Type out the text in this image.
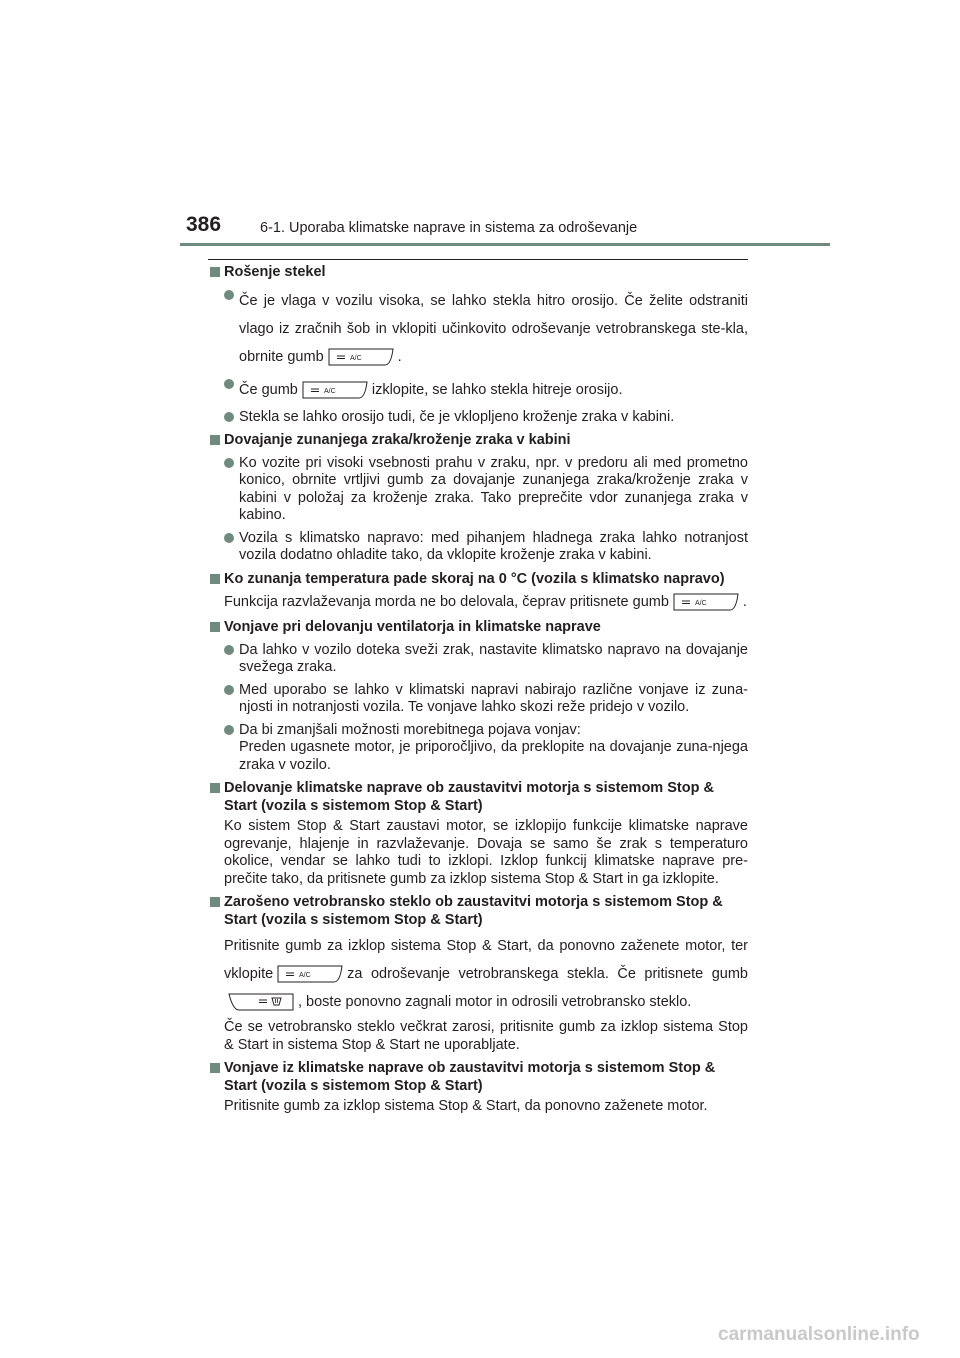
386	6-1. Uporaba klimatske naprave in sistema za odroševanje
Rošenje stekel
Če je vlaga v vozilu visoka, se lahko stekla hitro orosijo. Če želite odstraniti vlago iz zračnih šob in vklopiti učinkovito odroševanje vetrobranskega ste-kla, obrnite gumb	A/C	.
Če gumb	A/C	izklopite, se lahko stekla hitreje orosijo.
Stekla se lahko orosijo tudi, če je vklopljeno kroženje zraka v kabini.
Dovajanje zunanjega zraka/kroženje zraka v kabini
Ko vozite pri visoki vsebnosti prahu v zraku, npr. v predoru ali med prometno konico, obrnite vrtljivi gumb za dovajanje zunanjega zraka/kroženje zraka v kabini v položaj za kroženje zraka. Tako preprečite vdor zunanjega zraka v kabino.
Vozila s klimatsko napravo: med pihanjem hladnega zraka lahko notranjost vozila dodatno ohladite tako, da vklopite kroženje zraka v kabini.
Ko zunanja temperatura pade skoraj na 0 °C (vozila s klimatsko napravo)
Funkcija razvlaževanja morda ne bo delovala, čeprav pritisnete gumb	A/C	.
Vonjave pri delovanju ventilatorja in klimatske naprave
Da lahko v vozilo doteka sveži zrak, nastavite klimatsko napravo na dovajanje svežega zraka.
Med uporabo se lahko v klimatski napravi nabirajo različne vonjave iz zuna-njosti in notranjosti vozila. Te vonjave lahko skozi reže pridejo v vozilo.
Da bi zmanjšali možnosti morebitnega pojava vonjav:
Preden ugasnete motor, je priporočljivo, da preklopite na dovajanje zuna-njega zraka v vozilo.
Delovanje klimatske naprave ob zaustavitvi motorja s sistemom Stop & Start (vozila s sistemom Stop & Start)
Ko sistem Stop & Start zaustavi motor, se izklopijo funkcije klimatske naprave ogrevanje, hlajenje in razvlaževanje. Dovaja se samo še zrak s temperaturo okolice, vendar se lahko tudi to izklopi. Izklop funkcij klimatske naprave pre-prečite tako, da pritisnete gumb za izklop sistema Stop & Start in ga izklopite.
Zarošeno vetrobransko steklo ob zaustavitvi motorja s sistemom Stop & Start (vozila s sistemom Stop & Start)
Pritisnite gumb za izklop sistema Stop & Start, da ponovno zaženete motor, ter vklopite	A/C	za odroševanje vetrobranskega stekla. Če pritisnete gumb
, boste ponovno zagnali motor in odrosili vetrobransko steklo.
Če se vetrobransko steklo večkrat zarosi, pritisnite gumb za izklop sistema Stop & Start in sistema Stop & Start ne uporabljate.
Vonjave iz klimatske naprave ob zaustavitvi motorja s sistemom Stop & Start (vozila s sistemom Stop & Start)
Pritisnite gumb za izklop sistema Stop & Start, da ponovno zaženete motor.
carmanualsonline.info
